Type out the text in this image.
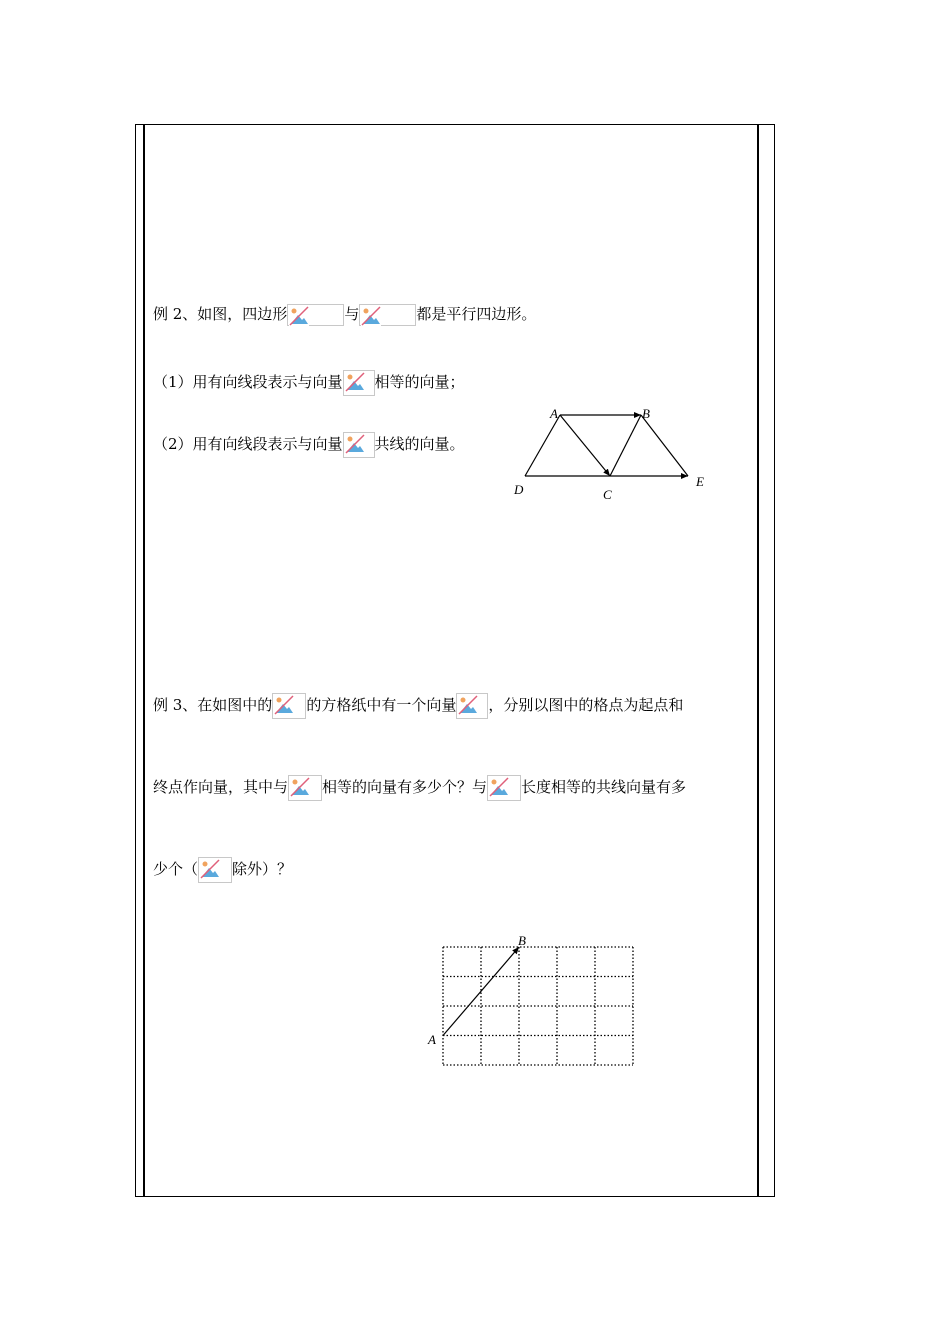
例 2、如图，四边形	与	都是平行四边形。
（1）用有向线段表示与向量 相等的向量；
（2）用有向线段表示与向量 共线的向量。
A	B
C
D
E
例 3、在如图中的 的方格纸中有一个向量 ，分别以图中的格点为起点和
终点作向量，其中与 相等的向量有多少个？与 长度相等的共线向量有多
少个（ 除外）？
A
B
